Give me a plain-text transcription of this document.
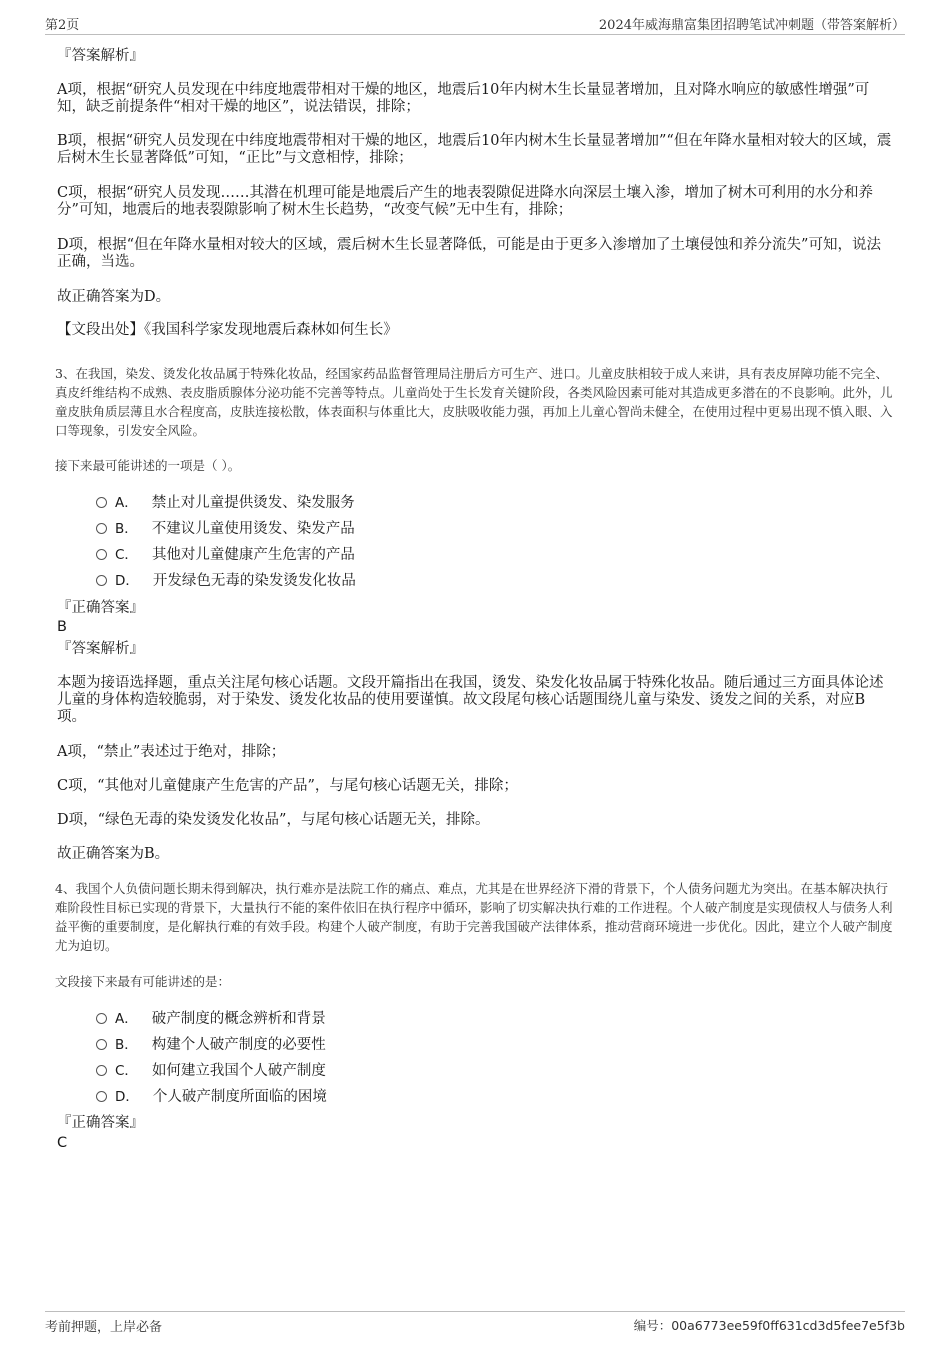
第2页	2024年威海鼎富集团招聘笔试冲刺题（带答案解析）
『答案解析』
A项，根据“研究人员发现在中纬度地震带相对干燥的地区，地震后10年内树木生长量显著增加，且对降水响应的敏感性增强”可知，缺乏前提条件“相对干燥的地区”，说法错误，排除；
B项，根据“研究人员发现在中纬度地震带相对干燥的地区，地震后10年内树木生长量显著增加”“但在年降水量相对较大的区域，震后树木生长显著降低”可知，“正比”与文意相悖，排除；
C项，根据“研究人员发现……其潜在机理可能是地震后产生的地表裂隙促进降水向深层土壤入渗，增加了树木可利用的水分和养分”可知，地震后的地表裂隙影响了树木生长趋势，“改变气候”无中生有，排除；
D项，根据“但在年降水量相对较大的区域，震后树木生长显著降低，可能是由于更多入渗增加了土壤侵蚀和养分流失”可知，说法正确，当选。
故正确答案为D。
【文段出处】《我国科学家发现地震后森林如何生长》
3、在我国，染发、烫发化妆品属于特殊化妆品，经国家药品监督管理局注册后方可生产、进口。儿童皮肤相较于成人来讲，具有表皮屏障功能不完全、真皮纤维结构不成熟、表皮脂质腺体分泌功能不完善等特点。儿童尚处于生长发育关键阶段，各类风险因素可能对其造成更多潜在的不良影响。此外，儿童皮肤角质层薄且水合程度高，皮肤连接松散，体表面积与体重比大，皮肤吸收能力强，再加上儿童心智尚未健全，在使用过程中更易出现不慎入眼、入口等现象，引发安全风险。
接下来最可能讲述的一项是（ ）。
A． 禁止对儿童提供烫发、染发服务
B． 不建议儿童使用烫发、染发产品
C． 其他对儿童健康产生危害的产品
D． 开发绿色无毒的染发烫发化妆品
『正确答案』
B
『答案解析』
本题为接语选择题，重点关注尾句核心话题。文段开篇指出在我国，烫发、染发化妆品属于特殊化妆品。随后通过三方面具体论述儿童的身体构造较脆弱，对于染发、烫发化妆品的使用要谨慎。故文段尾句核心话题围绕儿童与染发、烫发之间的关系，对应B项。
A项，“禁止”表述过于绝对，排除；
C项，“其他对儿童健康产生危害的产品”，与尾句核心话题无关，排除；
D项，“绿色无毒的染发烫发化妆品”，与尾句核心话题无关，排除。
故正确答案为B。
4、我国个人负债问题长期未得到解决，执行难亦是法院工作的痛点、难点，尤其是在世界经济下滑的背景下，个人债务问题尤为突出。在基本解决执行难阶段性目标已实现的背景下，大量执行不能的案件依旧在执行程序中循环，影响了切实解决执行难的工作进程。个人破产制度是实现债权人与债务人利益平衡的重要制度，是化解执行难的有效手段。构建个人破产制度，有助于完善我国破产法律体系，推动营商环境进一步优化。因此，建立个人破产制度尤为迫切。
文段接下来最有可能讲述的是：
A． 破产制度的概念辨析和背景
B． 构建个人破产制度的必要性
C． 如何建立我国个人破产制度
D． 个人破产制度所面临的困境
『正确答案』
C
考前押题，上岸必备	编号：00a6773ee59f0ff631cd3d5fee7e5f3b
